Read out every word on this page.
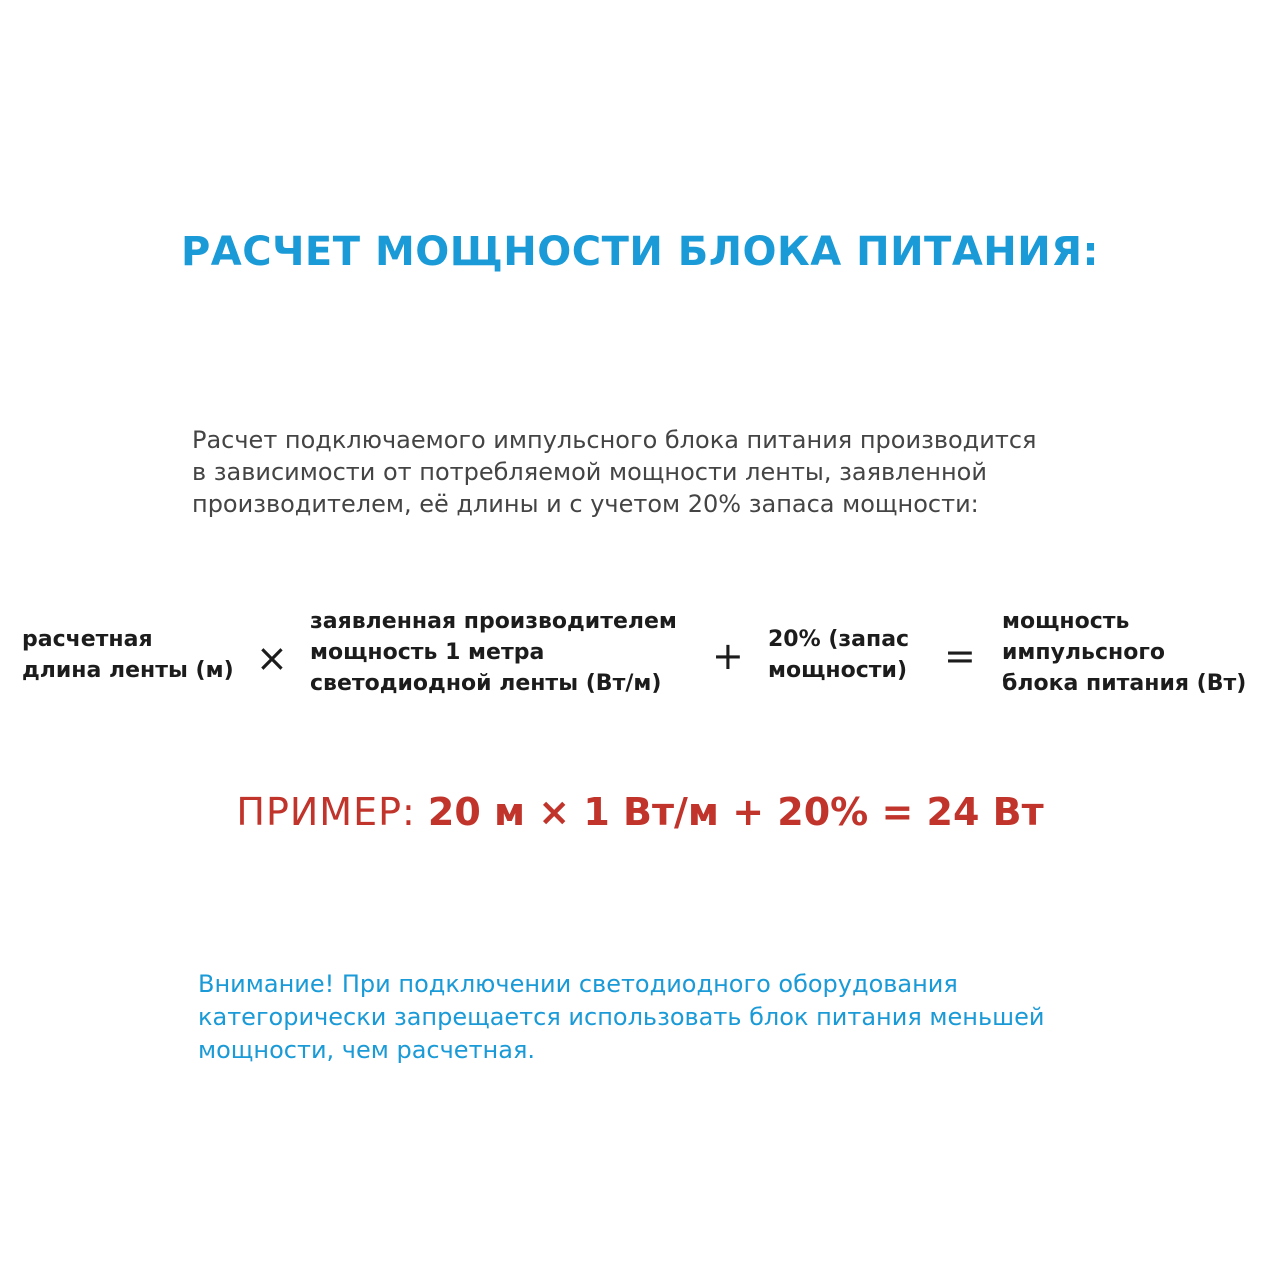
РАСЧЕТ МОЩНОСТИ БЛОКА ПИТАНИЯ:
Расчет подключаемого импульсного блока питания производится
в зависимости от потребляемой мощности ленты, заявленной
производителем, её длины и с учетом 20% запаса мощности:
расчетная
длина ленты (м) ×
заявленная производителем
мощность 1 метра
светодиодной ленты (Вт/м)
+ 20% (запас
мощности) =
мощность
импульсного
блока питания (Вт)
ПРИМЕР: 20 м × 1 Вт/м + 20% = 24 Вт
Внимание! При подключении светодиодного оборудования
категорически запрещается использовать блок питания меньшей
мощности, чем расчетная.
